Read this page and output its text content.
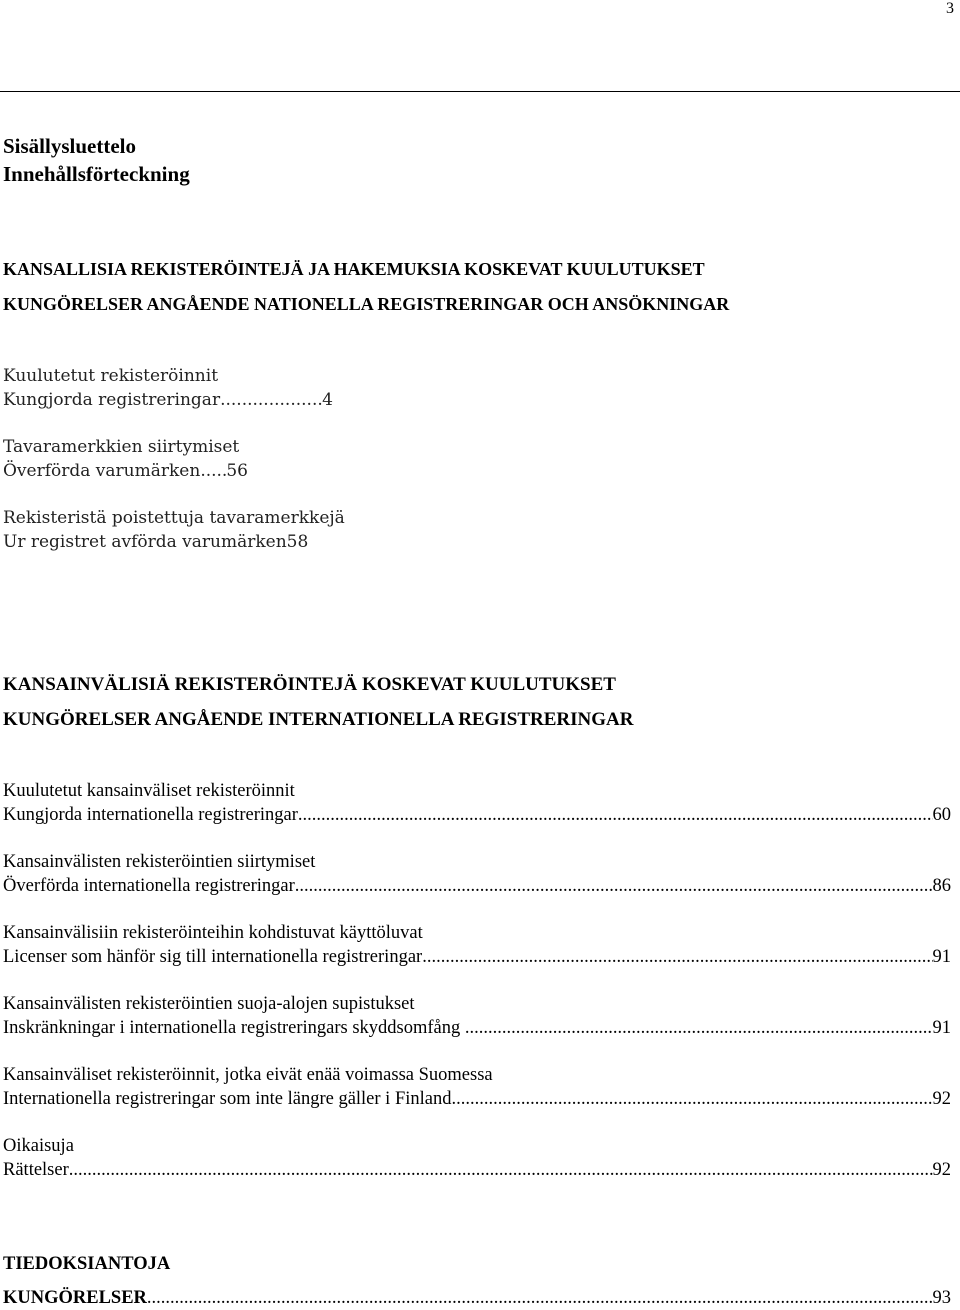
3
Sisällysluettelo
Innehållsförteckning
KANSALLISIA REKISTERÖINTEJÄ JA HAKEMUKSIA KOSKEVAT KUULUTUKSET
KUNGÖRELSER ANGÅENDE NATIONELLA REGISTRERINGAR OCH ANSÖKNINGAR
Kuulutetut rekisteröinnit
Kungjorda registreringar .....	4
Tavaramerkkien siirtymiset
Överförda varumärken ..... 56
Rekisteristä poistettuja tavaramerkkejä
Ur registret avförda varumärken 58
KANSAINVÄLISIÄ REKISTERÖINTEJÄ KOSKEVAT KUULUTUKSET
KUNGÖRELSER ANGÅENDE INTERNATIONELLA REGISTRERINGAR
Kuulutetut kansainväliset rekisteröinnit
Kungjorda internationella registreringar .....	60
Kansainvälisten rekisteröintien siirtymiset
Överförda internationella registreringar .....	86
Kansainvälisiin rekisteröinteihin kohdistuvat käyttöluvat
Licenser som hänför sig till internationella registreringar .....	91
Kansainvälisten rekisteröintien suoja-alojen supistukset
Inskränkningar i internationella registreringars skyddsomfång .....	91
Kansainväliset rekisteröinnit, jotka eivät enää voimassa Suomessa
Internationella registreringar som inte längre gäller i Finland .....	92
Oikaisuja
Rättelser .....	92
TIEDOKSIANTOJA
KUNGÖRELSER .....	93
